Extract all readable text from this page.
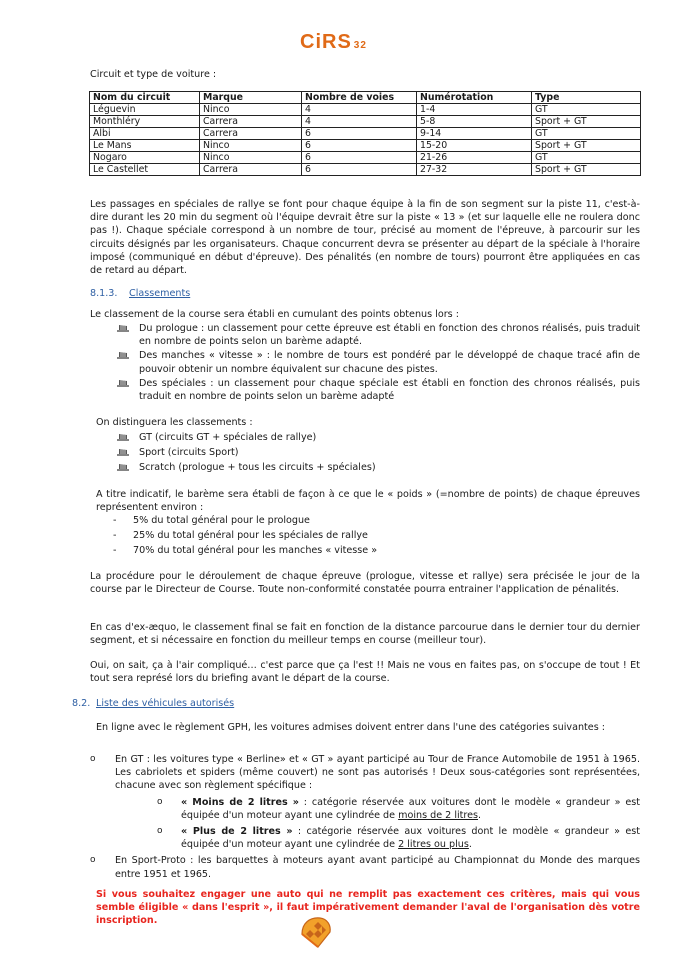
CiRS 32
Circuit et type de voiture :
Nom du circuit	Marque	Nombre de voies	Numérotation	Type
Léguevin	Ninco	4	1-4	GT
Monthléry	Carrera	4	5-8	Sport + GT
Albi	Carrera	6	9-14	GT
Le Mans	Ninco	6	15-20	Sport + GT
Nogaro	Ninco	6	21-26	GT
Le Castellet	Carrera	6	27-32	Sport + GT
Les passages en spéciales de rallye se font pour chaque équipe à la fin de son segment sur la piste 11, c'est-à-dire durant les 20 min du segment où l'équipe devrait être sur la piste « 13 » (et sur laquelle elle ne roulera donc pas !). Chaque spéciale correspond à un nombre de tour, précisé au moment de l'épreuve, à parcourir sur les circuits désignés par les organisateurs. Chaque concurrent devra se présenter au départ de la spéciale à l'horaire imposé (communiqué en début d'épreuve). Des pénalités (en nombre de tours) pourront être appliquées en cas de retard au départ.
8.1.3. Classements
Le classement de la course sera établi en cumulant des points obtenus lors :
Du prologue : un classement pour cette épreuve est établi en fonction des chronos réalisés, puis traduit en nombre de points selon un barème adapté.
Des manches « vitesse » : le nombre de tours est pondéré par le développé de chaque tracé afin de pouvoir obtenir un nombre équivalent sur chacune des pistes.
Des spéciales : un classement pour chaque spéciale est établi en fonction des chronos réalisés, puis traduit en nombre de points selon un barème adapté
On distinguera les classements :
GT (circuits GT + spéciales de rallye)
Sport (circuits Sport)
Scratch (prologue + tous les circuits + spéciales)
A titre indicatif, le barème sera établi de façon à ce que le « poids » (=nombre de points) de chaque épreuves représentent environ :
- 5% du total général pour le prologue
- 25% du total général pour les spéciales de rallye
- 70% du total général pour les manches « vitesse »
La procédure pour le déroulement de chaque épreuve (prologue, vitesse et rallye) sera précisée le jour de la course par le Directeur de Course. Toute non-conformité constatée pourra entrainer l'application de pénalités.
En cas d'ex-æquo, le classement final se fait en fonction de la distance parcourue dans le dernier tour du dernier segment, et si nécessaire en fonction du meilleur temps en course (meilleur tour).
Oui, on sait, ça à l'air compliqué… c'est parce que ça l'est !! Mais ne vous en faites pas, on s'occupe de tout ! Et tout sera représé lors du briefing avant le départ de la course.
8.2. Liste des véhicules autorisés
En ligne avec le règlement GPH, les voitures admises doivent entrer dans l'une des catégories suivantes :
o En GT : les voitures type « Berline» et « GT » ayant participé au Tour de France Automobile de 1951 à 1965. Les cabriolets et spiders (même couvert) ne sont pas autorisés ! Deux sous-catégories sont représentées, chacune avec son règlement spécifique :
o « Moins de 2 litres » : catégorie réservée aux voitures dont le modèle « grandeur » est équipée d'un moteur ayant une cylindrée de moins de 2 litres.
o « Plus de 2 litres » : catégorie réservée aux voitures dont le modèle « grandeur » est équipée d'un moteur ayant une cylindrée de 2 litres ou plus.
o En Sport-Proto : les barquettes à moteurs ayant avant participé au Championnat du Monde des marques entre 1951 et 1965.
Si vous souhaitez engager une auto qui ne remplit pas exactement ces critères, mais qui vous semble éligible « dans l'esprit », il faut impérativement demander l'aval de l'organisation dès votre inscription.
